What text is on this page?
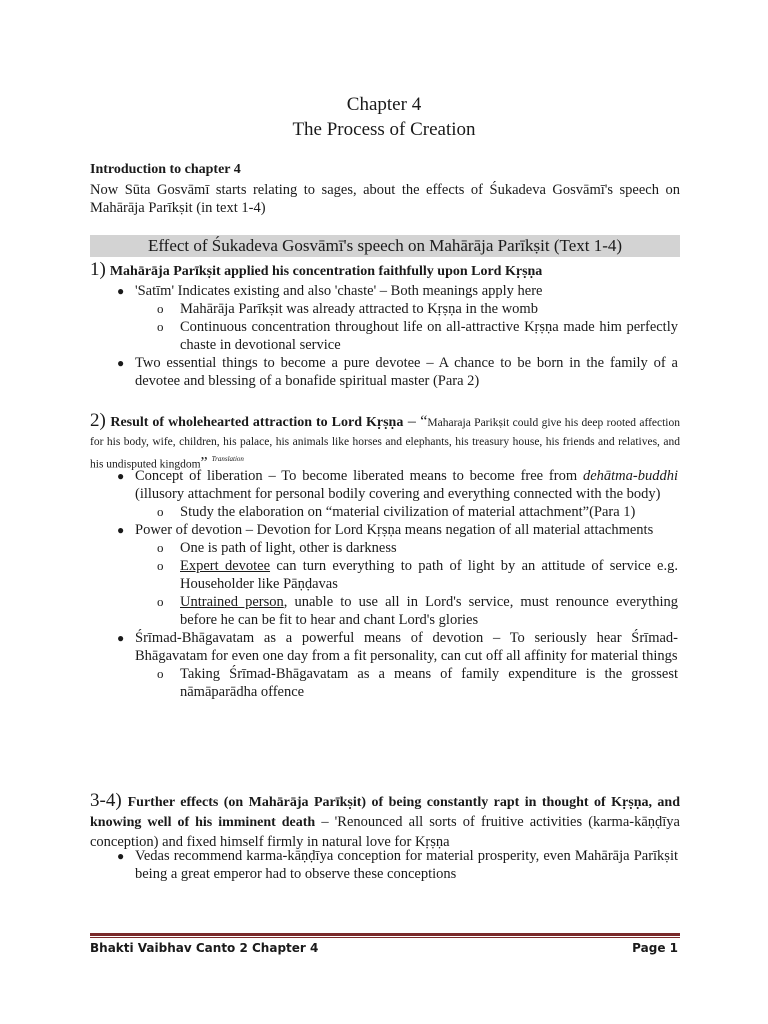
Chapter 4
The Process of Creation
Introduction to chapter 4
Now Sūta Gosvāmī starts relating to sages, about the effects of Śukadeva Gosvāmī's speech on Mahārāja Parīkṣit (in text 1-4)
Effect of Śukadeva Gosvāmī's speech on Mahārāja Parīkṣit (Text 1-4)
1) Mahārāja Parīkṣit applied his concentration faithfully upon Lord Kṛṣṇa
● 'Satīm' Indicates existing and also 'chaste' – Both meanings apply here
o Mahārāja Parīkṣit was already attracted to Kṛṣṇa in the womb
o Continuous concentration throughout life on all-attractive Kṛṣṇa made him perfectly chaste in devotional service
● Two essential things to become a pure devotee – A chance to be born in the family of a devotee and blessing of a bonafide spiritual master (Para 2)
2) Result of wholehearted attraction to Lord Kṛṣṇa – “Maharaja Parikṣit could give his deep rooted affection for his body, wife, children, his palace, his animals like horses and elephants, his treasury house, his friends and relatives, and his undisputed kingdom” $^{Translation}$
● Concept of liberation – To become liberated means to become free from dehātma-buddhi (illusory attachment for personal bodily covering and everything connected with the body)
o Study the elaboration on “material civilization of material attachment”(Para 1)
● Power of devotion – Devotion for Lord Kṛṣṇa means negation of all material attachments
o One is path of light, other is darkness
o Expert devotee can turn everything to path of light by an attitude of service e.g. Householder like Pāṇḍavas
o Untrained person, unable to use all in Lord's service, must renounce everything before he can be fit to hear and chant Lord's glories
● Śrīmad-Bhāgavatam as a powerful means of devotion – To seriously hear Śrīmad-Bhāgavatam for even one day from a fit personality, can cut off all affinity for material things
o Taking Śrīmad-Bhāgavatam as a means of family expenditure is the grossest nāmāparādha offence
3-4) Further effects (on Mahārāja Parīkṣit) of being constantly rapt in thought of Kṛṣṇa, and knowing well of his imminent death – 'Renounced all sorts of fruitive activities (karma-kāṇḍīya conception) and fixed himself firmly in natural love for Kṛṣṇa
● Vedas recommend karma-kāṇḍīya conception for material prosperity, even Mahārāja Parīkṣit being a great emperor had to observe these conceptions
Bhakti Vaibhav Canto 2 Chapter 4	Page 1
